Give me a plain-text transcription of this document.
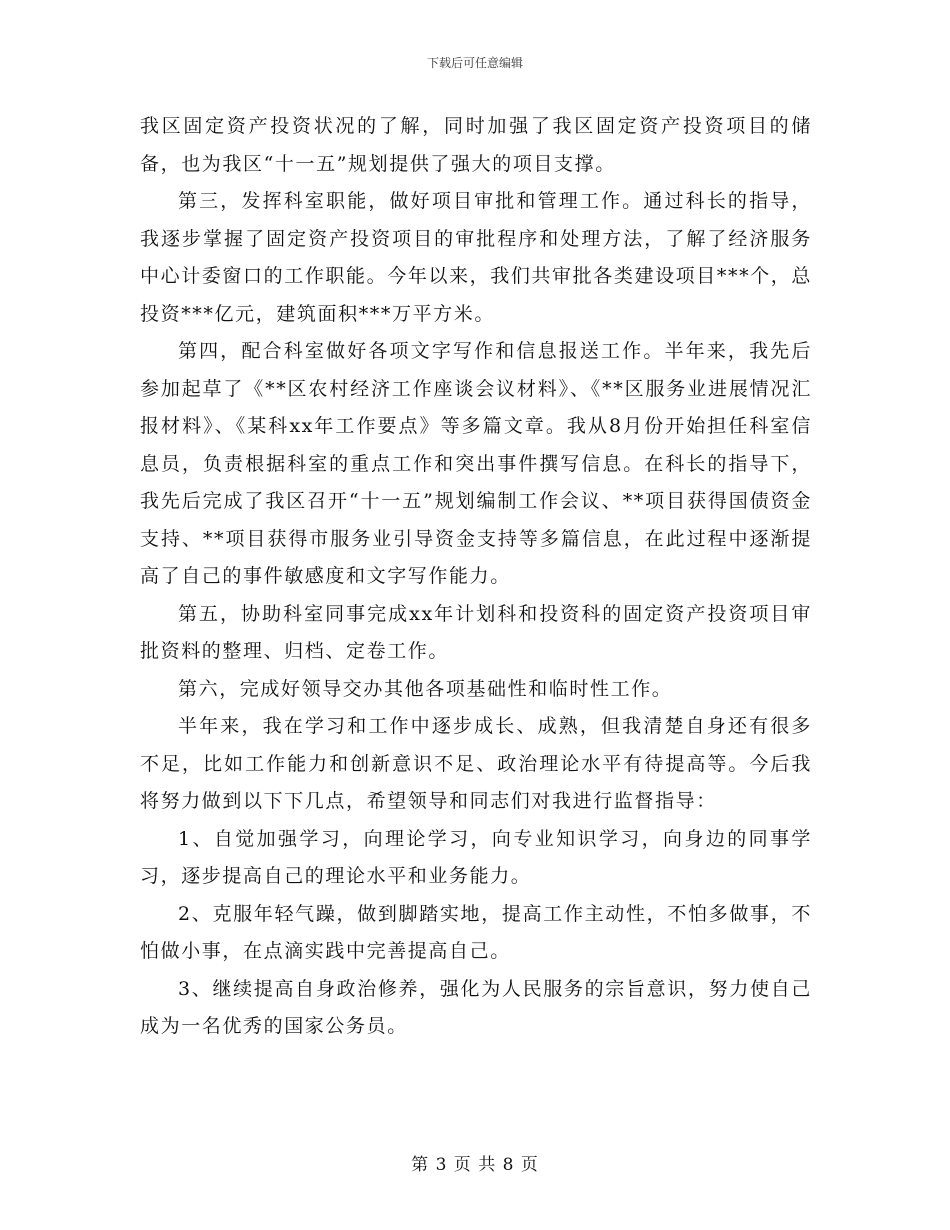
下载后可任意编辑

我区固定资产投资状况的了解，同时加强了我区固定资产投资项目的储备，也为我区“十一五”规划提供了强大的项目支撑。

第三，发挥科室职能，做好项目审批和管理工作。通过科长的指导，我逐步掌握了固定资产投资项目的审批程序和处理方法，了解了经济服务中心计委窗口的工作职能。今年以来，我们共审批各类建设项目***个，总投资***亿元，建筑面积***万平方米。

第四，配合科室做好各项文字写作和信息报送工作。半年来，我先后参加起草了《**区农村经济工作座谈会议材料》、《**区服务业进展情况汇报材料》、《某科xx年工作要点》等多篇文章。我从8月份开始担任科室信息员，负责根据科室的重点工作和突出事件撰写信息。在科长的指导下，我先后完成了我区召开“十一五”规划编制工作会议、**项目获得国债资金支持、**项目获得市服务业引导资金支持等多篇信息，在此过程中逐渐提高了自己的事件敏感度和文字写作能力。

第五，协助科室同事完成xx年计划科和投资科的固定资产投资项目审批资料的整理、归档、定卷工作。

第六，完成好领导交办其他各项基础性和临时性工作。

半年来，我在学习和工作中逐步成长、成熟，但我清楚自身还有很多不足，比如工作能力和创新意识不足、政治理论水平有待提高等。今后我将努力做到以下下几点，希望领导和同志们对我进行监督指导：

1、自觉加强学习，向理论学习，向专业知识学习，向身边的同事学习，逐步提高自己的理论水平和业务能力。

2、克服年轻气躁，做到脚踏实地，提高工作主动性，不怕多做事，不怕做小事，在点滴实践中完善提高自己。

3、继续提高自身政治修养，强化为人民服务的宗旨意识，努力使自己成为一名优秀的国家公务员。

第 3 页 共 8 页
